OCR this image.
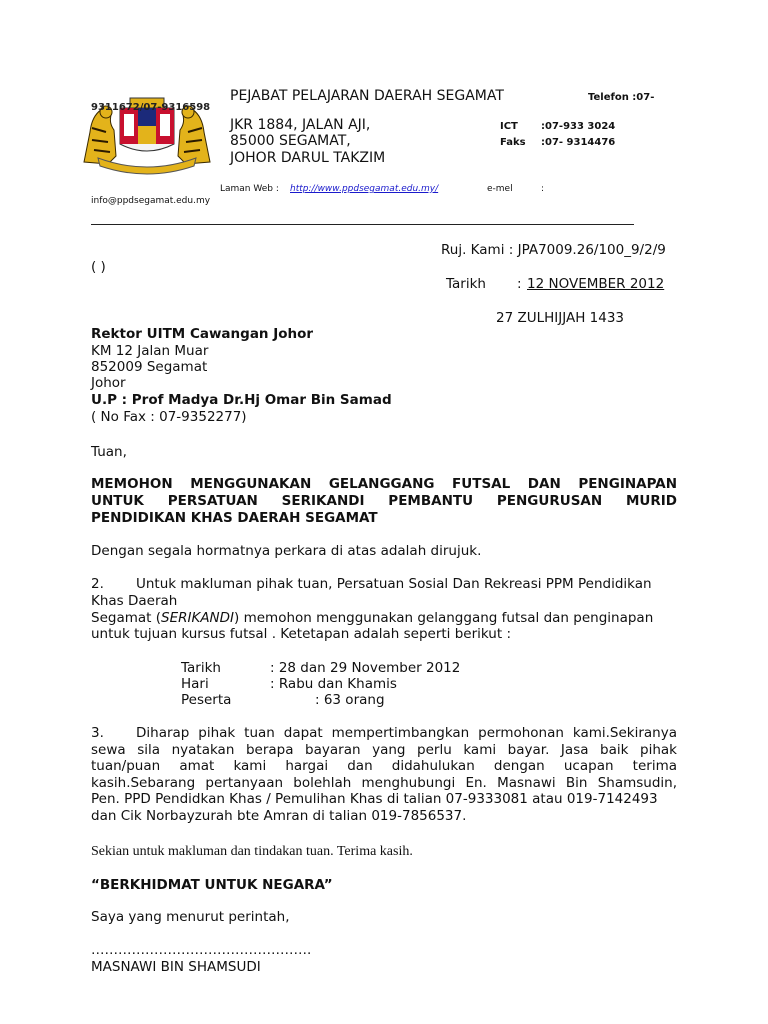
PEJABAT PELAJARAN DAERAH SEGAMAT	Telefon :07-
9311672/07-9316598
JKR 1884, JALAN AJI,
85000 SEGAMAT,
JOHOR DARUL TAKZIM
ICT :07-933 3024
Faks :07- 9314476
Laman Web : http://www.ppdsegamat.edu.my/	e-mel	:
info@ppdsegamat.edu.my
Ruj. Kami : JPA7009.26/100_9/2/9
( )
Tarikh : 12 NOVEMBER 2012
27 ZULHIJJAH 1433
Rektor UITM Cawangan Johor
KM 12 Jalan Muar
852009 Segamat
Johor
U.P : Prof Madya Dr.Hj Omar Bin Samad
( No Fax : 07-9352277)
Tuan,
MEMOHON MENGGUNAKAN GELANGGANG FUTSAL DAN PENGINAPAN
UNTUK PERSATUAN SERIKANDI PEMBANTU PENGURUSAN MURID
PENDIDIKAN KHAS DAERAH SEGAMAT
Dengan segala hormatnya perkara di atas adalah dirujuk.
2. Untuk makluman pihak tuan, Persatuan Sosial Dan Rekreasi PPM Pendidikan
Khas Daerah
Segamat (SERIKANDI) memohon menggunakan gelanggang futsal dan penginapan
untuk tujuan kursus futsal . Ketetapan adalah seperti berikut :
Tarikh	: 28 dan 29 November 2012
Hari	: Rabu dan Khamis
Peserta	: 63 orang
3. Diharap pihak tuan dapat mempertimbangkan permohonan kami.Sekiranya
sewa sila nyatakan berapa bayaran yang perlu kami bayar. Jasa baik pihak
tuan/puan amat kami hargai dan didahulukan dengan ucapan terima
kasih.Sebarang pertanyaan bolehlah menghubungi En. Masnawi Bin Shamsudin,
Pen. PPD Pendidkan Khas / Pemulihan Khas di talian 07-9333081 atau 019-7142493
dan Cik Norbayzurah bte Amran di talian 019-7856537.
Sekian untuk makluman dan tindakan tuan. Terima kasih.
“BERKHIDMAT UNTUK NEGARA”
Saya yang menurut perintah,
………………………………………….
MASNAWI BIN SHAMSUDI
